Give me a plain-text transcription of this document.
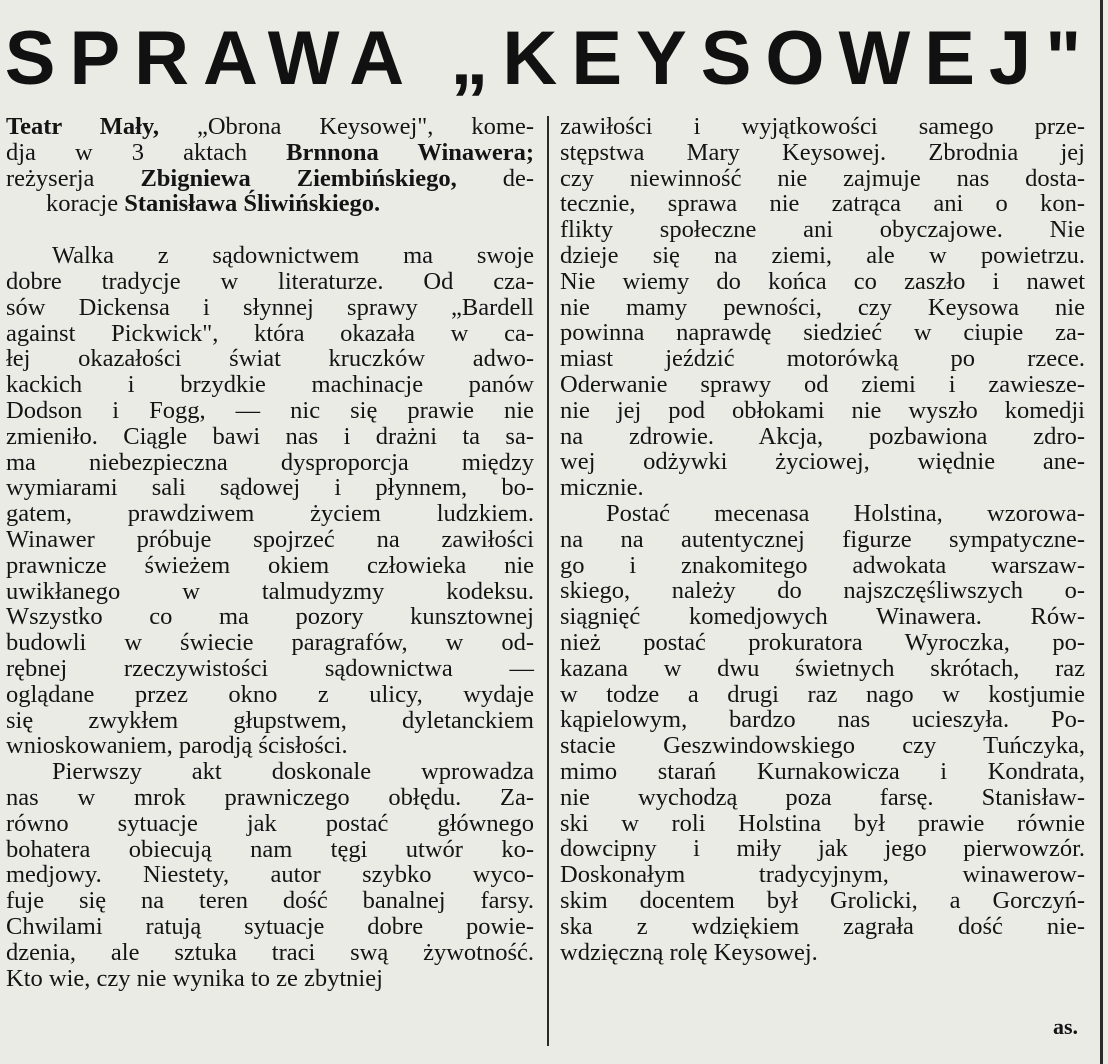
SPRAWA „KEYSOWEJ"
Teatr Mały, „Obrona Keysowej", kome-
dja w 3 aktach Brnnona Winawera;
reżyserja Zbigniewa Ziembińskiego, de-
koracje Stanisława Śliwińskiego.
Walka z sądownictwem ma swoje
dobre tradycje w literaturze. Od cza-
sów Dickensa i słynnej sprawy „Bardell
against Pickwick", która okazała w ca-
łej okazałości świat kruczków adwo-
kackich i brzydkie machinacje panów
Dodson i Fogg, — nic się prawie nie
zmieniło. Ciągle bawi nas i drażni ta sa-
ma niebezpieczna dysproporcja między
wymiarami sali sądowej i płynnem, bo-
gatem, prawdziwem życiem ludzkiem.
Winawer próbuje spojrzeć na zawiłości
prawnicze świeżem okiem człowieka nie
uwikłanego w talmudyzmy kodeksu.
Wszystko co ma pozory kunsztownej
budowli w świecie paragrafów, w od-
rębnej rzeczywistości sądownictwa —
oglądane przez okno z ulicy, wydaje
się zwykłem głupstwem, dyletanckiem
wnioskowaniem, parodją ścisłości.
Pierwszy akt doskonale wprowadza
nas w mrok prawniczego obłędu. Za-
równo sytuacje jak postać głównego
bohatera obiecują nam tęgi utwór ko-
medjowy. Niestety, autor szybko wyco-
fuje się na teren dość banalnej farsy.
Chwilami ratują sytuacje dobre powie-
dzenia, ale sztuka traci swą żywotność.
Kto wie, czy nie wynika to ze zbytniej
zawiłości i wyjątkowości samego prze-
stępstwa Mary Keysowej. Zbrodnia jej
czy niewinność nie zajmuje nas dosta-
tecznie, sprawa nie zatrąca ani o kon-
flikty społeczne ani obyczajowe. Nie
dzieje się na ziemi, ale w powietrzu.
Nie wiemy do końca co zaszło i nawet
nie mamy pewności, czy Keysowa nie
powinna naprawdę siedzieć w ciupie za-
miast jeździć motorówką po rzece.
Oderwanie sprawy od ziemi i zawiesze-
nie jej pod obłokami nie wyszło komedji
na zdrowie. Akcja, pozbawiona zdro-
wej odżywki życiowej, więdnie ane-
micznie.
Postać mecenasa Holstina, wzorowa-
na na autentycznej figurze sympatyczne-
go i znakomitego adwokata warszaw-
skiego, należy do najszczęśliwszych o-
siągnięć komedjowych Winawera. Rów-
nież postać prokuratora Wyroczka, po-
kazana w dwu świetnych skrótach, raz
w todze a drugi raz nago w kostjumie
kąpielowym, bardzo nas ucieszyła. Po-
stacie Geszwindowskiego czy Tuńczyka,
mimo starań Kurnakowicza i Kondrata,
nie wychodzą poza farsę. Stanisław-
ski w roli Holstina był prawie równie
dowcipny i miły jak jego pierwowzór.
Doskonałym tradycyjnym, winawerow-
skim docentem był Grolicki, a Gorczyń-
ska z wdziękiem zagrała dość nie-
wdzięczną rolę Keysowej.
as.
